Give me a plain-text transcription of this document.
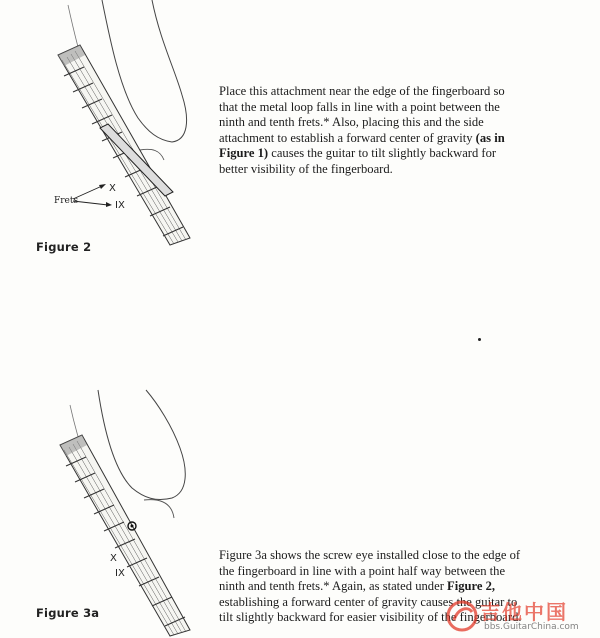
Frets
X
IX
Figure 2

Place this attachment near the edge of the fingerboard so
that the metal loop falls in line with a point between the
ninth and tenth frets.* Also, placing this and the side
attachment to establish a forward center of gravity (as in
Figure 1) causes the guitar to tilt slightly backward for
better visibility of the fingerboard.

X
IX
Figure 3a

Figure 3a shows the screw eye installed close to the edge of
the fingerboard in line with a point half way between the
ninth and tenth frets.* Again, as stated under Figure 2,
establishing a forward center of gravity causes the guitar to
tilt slightly backward for easier visibility of the fingerboard.

吉他中国
bbs.GuitarChina.com
